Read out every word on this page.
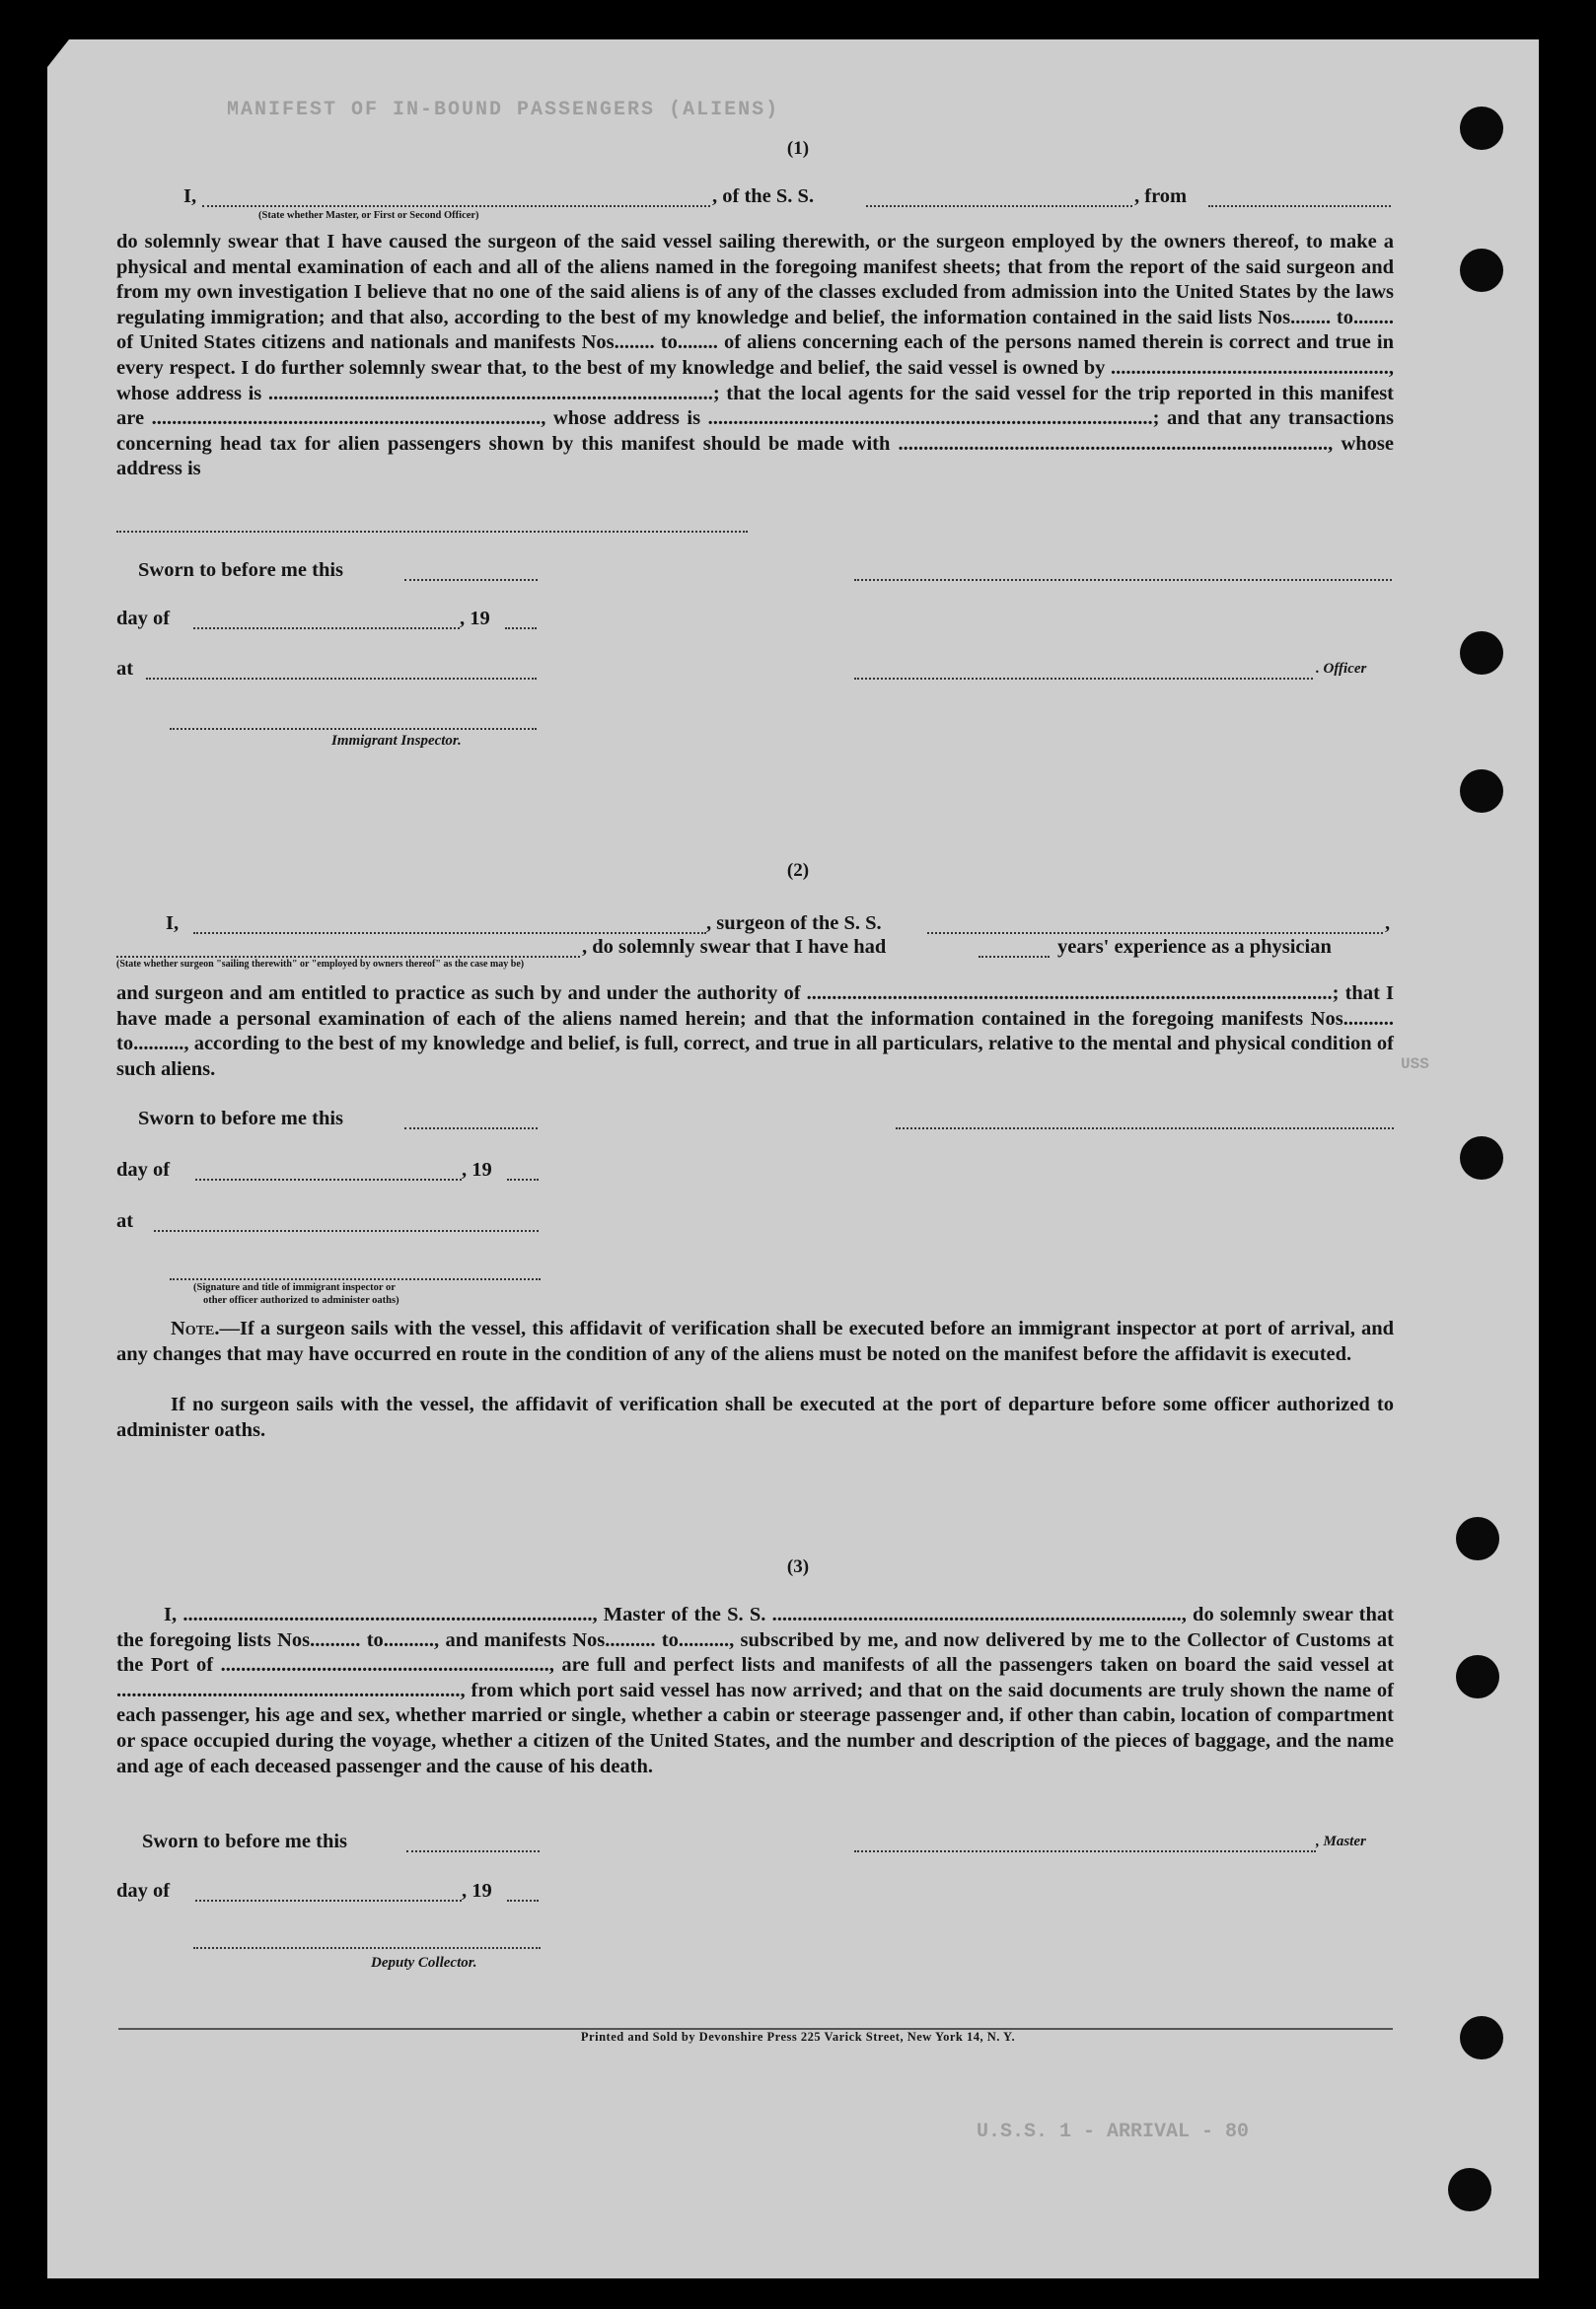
MANIFEST OF IN-BOUND PASSENGERS (ALIENS)
U.S.S. 1 - ARRIVAL - 80
USS
(1)
I,	, of the S. S.	, from
(State whether Master, or First or Second Officer)
do solemnly swear that I have caused the surgeon of the said vessel sailing therewith, or the surgeon employed by the owners thereof, to make a physical and mental examination of each and all of the aliens named in the foregoing manifest sheets; that from the report of the said surgeon and from my own investigation I believe that no one of the said aliens is of any of the classes excluded from admission into the United States by the laws regulating immigration; and that also, according to the best of my knowledge and belief, the information contained in the said lists Nos........ to........ of United States citizens and nationals and manifests Nos........ to........ of aliens concerning each of the persons named therein is correct and true in every respect. I do further solemnly swear that, to the best of my knowledge and belief, the said vessel is owned by ......................................................., whose address is ........................................................................................; that the local agents for the said vessel for the trip reported in this manifest are ............................................................................., whose address is ........................................................................................; and that any transactions concerning head tax for alien passengers shown by this manifest should be made with ....................................................................................., whose address is
Sworn to before me this
day of	, 19
at	. Officer
Immigrant Inspector.
(2)
I,	, surgeon of the S. S.	,
, do solemnly swear that I have had	years' experience as a physician
(State whether surgeon "sailing therewith" or "employed by owners thereof" as the case may be)
and surgeon and am entitled to practice as such by and under the authority of ........................................................................................................; that I have made a personal examination of each of the aliens named herein; and that the information contained in the foregoing manifests Nos.......... to.........., according to the best of my knowledge and belief, is full, correct, and true in all particulars, relative to the mental and physical condition of such aliens.
Sworn to before me this
day of	, 19
at
(Signature and title of immigrant inspector or
other officer authorized to administer oaths)
Note.—If a surgeon sails with the vessel, this affidavit of verification shall be executed before an immigrant inspector at port of arrival, and any changes that may have occurred en route in the condition of any of the aliens must be noted on the manifest before the affidavit is executed.
If no surgeon sails with the vessel, the affidavit of verification shall be executed at the port of departure before some officer authorized to administer oaths.
(3)
I, ................................................................................., Master of the S. S. ................................................................................., do solemnly swear that the foregoing lists Nos.......... to.........., and manifests Nos.......... to.........., subscribed by me, and now delivered by me to the Collector of Customs at the Port of ................................................................., are full and perfect lists and manifests of all the passengers taken on board the said vessel at ...................................................................., from which port said vessel has now arrived; and that on the said documents are truly shown the name of each passenger, his age and sex, whether married or single, whether a cabin or steerage passenger and, if other than cabin, location of compartment or space occupied during the voyage, whether a citizen of the United States, and the number and description of the pieces of baggage, and the name and age of each deceased passenger and the cause of his death.
Sworn to before me this	, Master
day of	, 19
Deputy Collector.
Printed and Sold by Devonshire Press 225 Varick Street, New York 14, N. Y.
